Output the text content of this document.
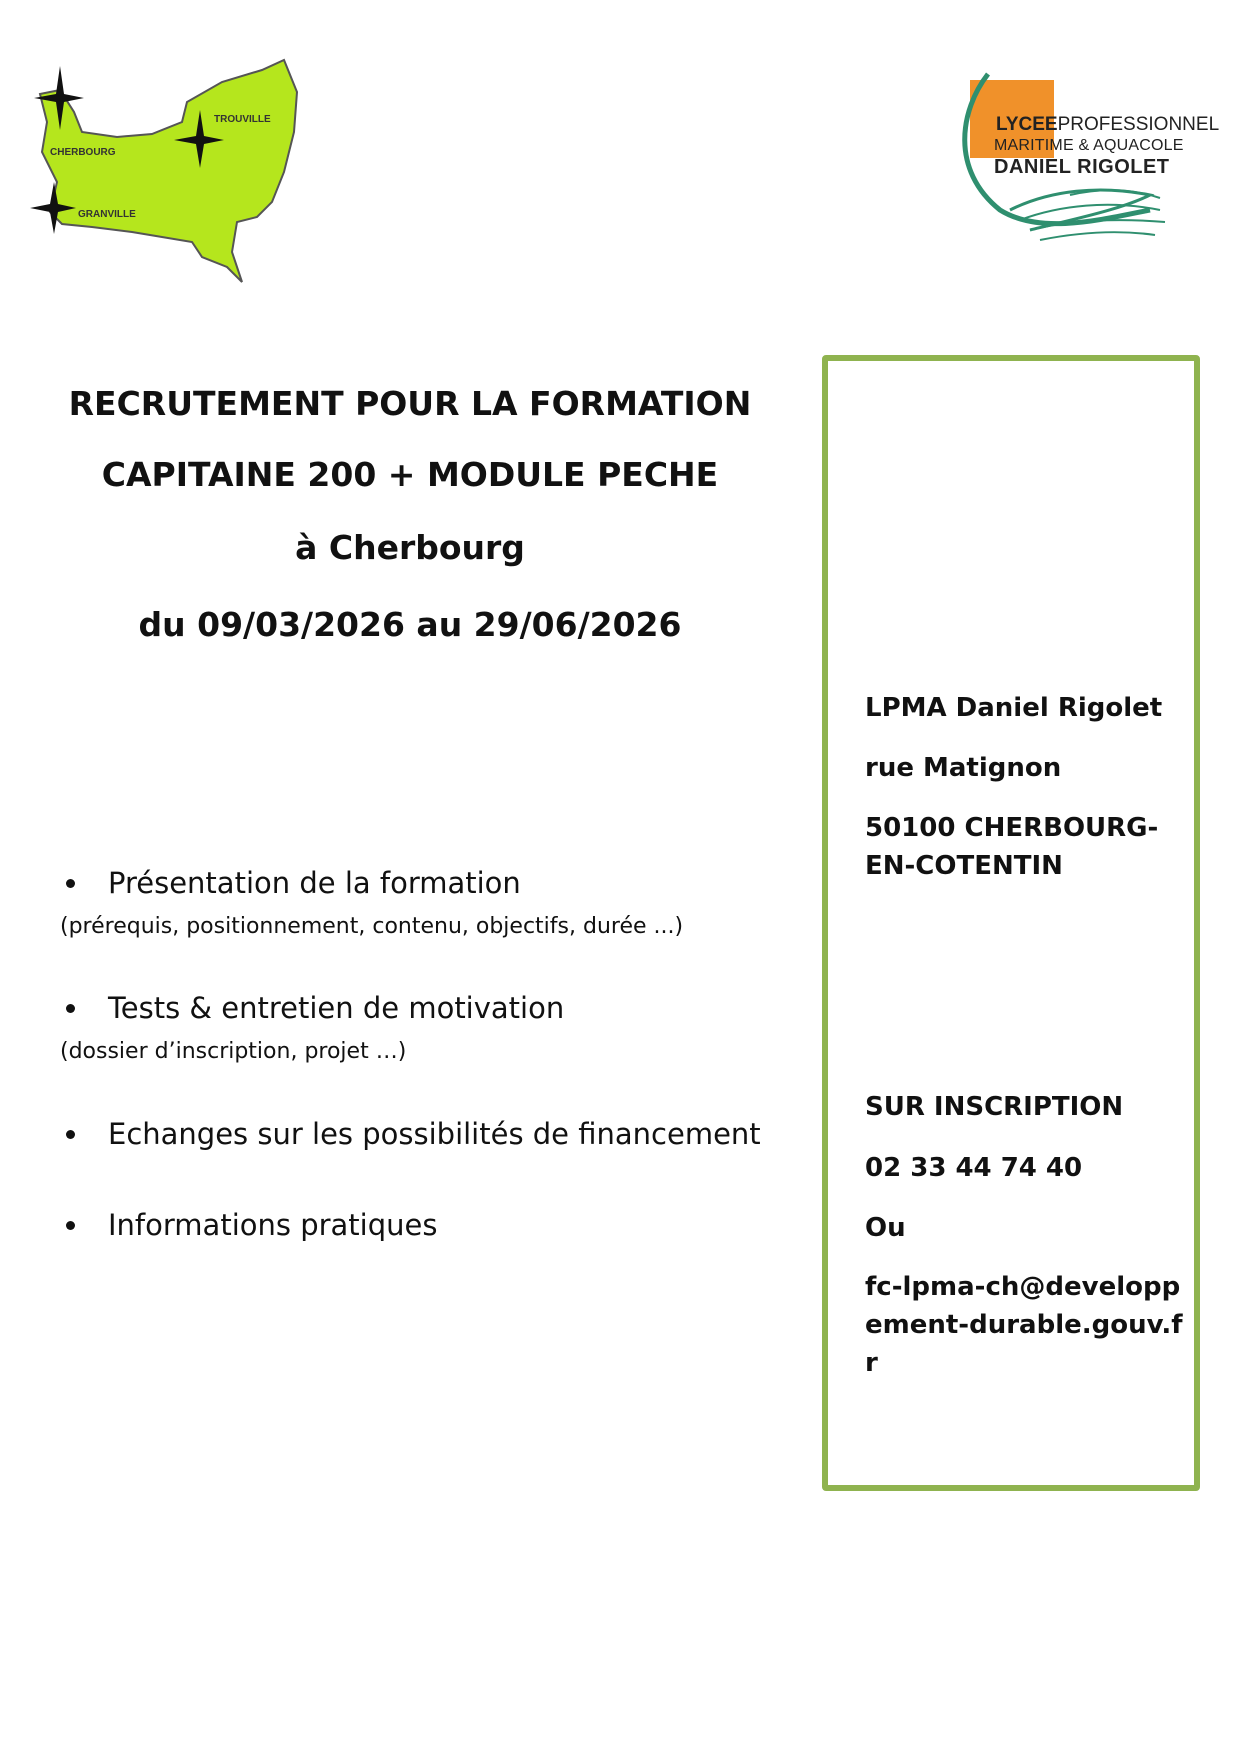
TROUVILLE
CHERBOURG
GRANVILLE
LYCEEPROFESSIONNEL
MARITIME & AQUACOLE
DANIEL RIGOLET
RECRUTEMENT POUR LA FORMATION
CAPITAINE 200 + MODULE PECHE
à Cherbourg
du 09/03/2026 au 29/06/2026
Présentation de la formation
(prérequis, positionnement, contenu, objectifs, durée ...)
Tests & entretien de motivation
(dossier d’inscription, projet …)
Echanges sur les possibilités de financement
Informations pratiques
LPMA Daniel Rigolet
rue Matignon
50100 CHERBOURG-EN-COTENTIN
SUR INSCRIPTION
02 33 44 74 40
Ou
fc-lpma-ch@developpement-durable.gouv.fr
